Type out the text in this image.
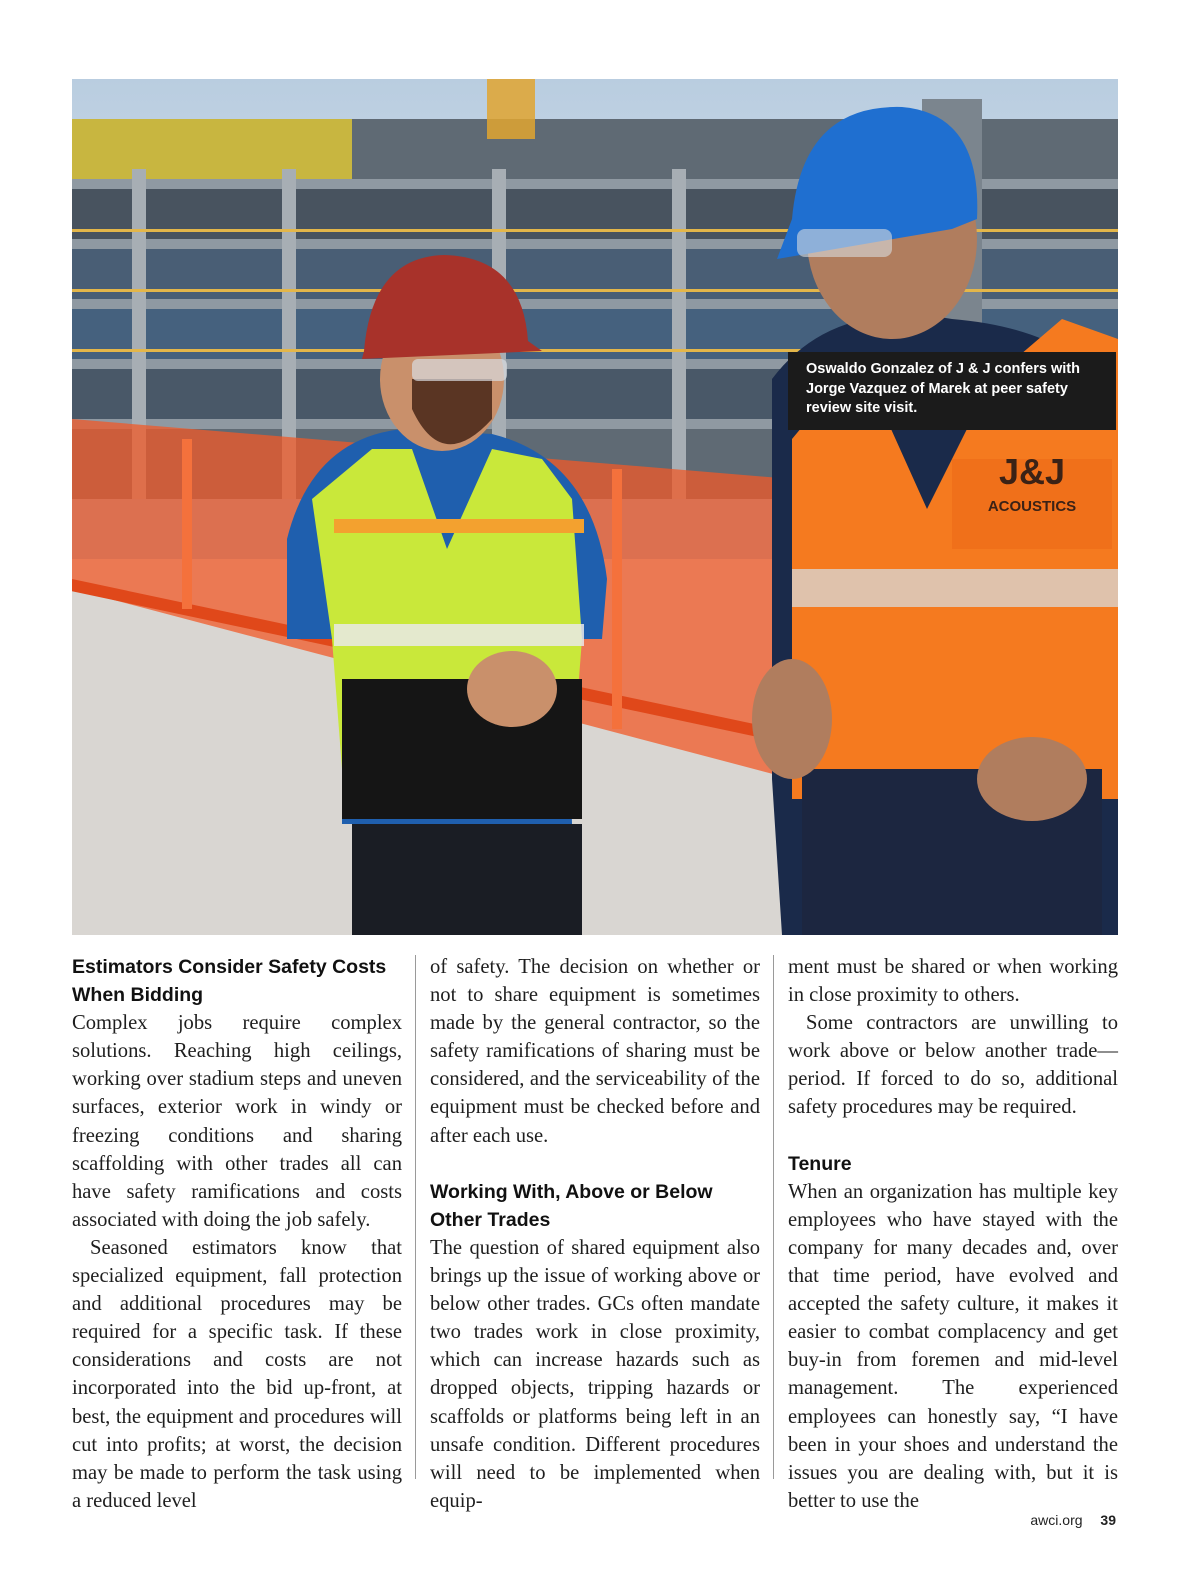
J&J
ACOUSTICS

Oswaldo Gonzalez of J & J confers with Jorge Vazquez of Marek at peer safety review site visit.

Estimators Consider Safety Costs When Bidding

Complex jobs require complex solutions. Reaching high ceilings, working over stadium steps and uneven surfaces, exterior work in windy or freezing conditions and sharing scaffolding with other trades all can have safety ramifications and costs associated with doing the job safely.

Seasoned estimators know that specialized equipment, fall protection and additional procedures may be required for a specific task. If these considerations and costs are not incorporated into the bid up-front, at best, the equipment and procedures will cut into profits; at worst, the decision may be made to perform the task using a reduced level

of safety. The decision on whether or not to share equipment is sometimes made by the general contractor, so the safety ramifications of sharing must be considered, and the serviceability of the equipment must be checked before and after each use.

Working With, Above or Below Other Trades

The question of shared equipment also brings up the issue of working above or below other trades. GCs often mandate two trades work in close proximity, which can increase hazards such as dropped objects, tripping hazards or scaffolds or platforms being left in an unsafe condition. Different procedures will need to be implemented when equip-

ment must be shared or when working in close proximity to others.

Some contractors are unwilling to work above or below another trade—period. If forced to do so, additional safety procedures may be required.

Tenure

When an organization has multiple key employees who have stayed with the company for many decades and, over that time period, have evolved and accepted the safety culture, it makes it easier to combat complacency and get buy-in from foremen and mid-level management. The experienced employees can honestly say, “I have been in your shoes and understand the issues you are dealing with, but it is better to use the

awci.org 39
